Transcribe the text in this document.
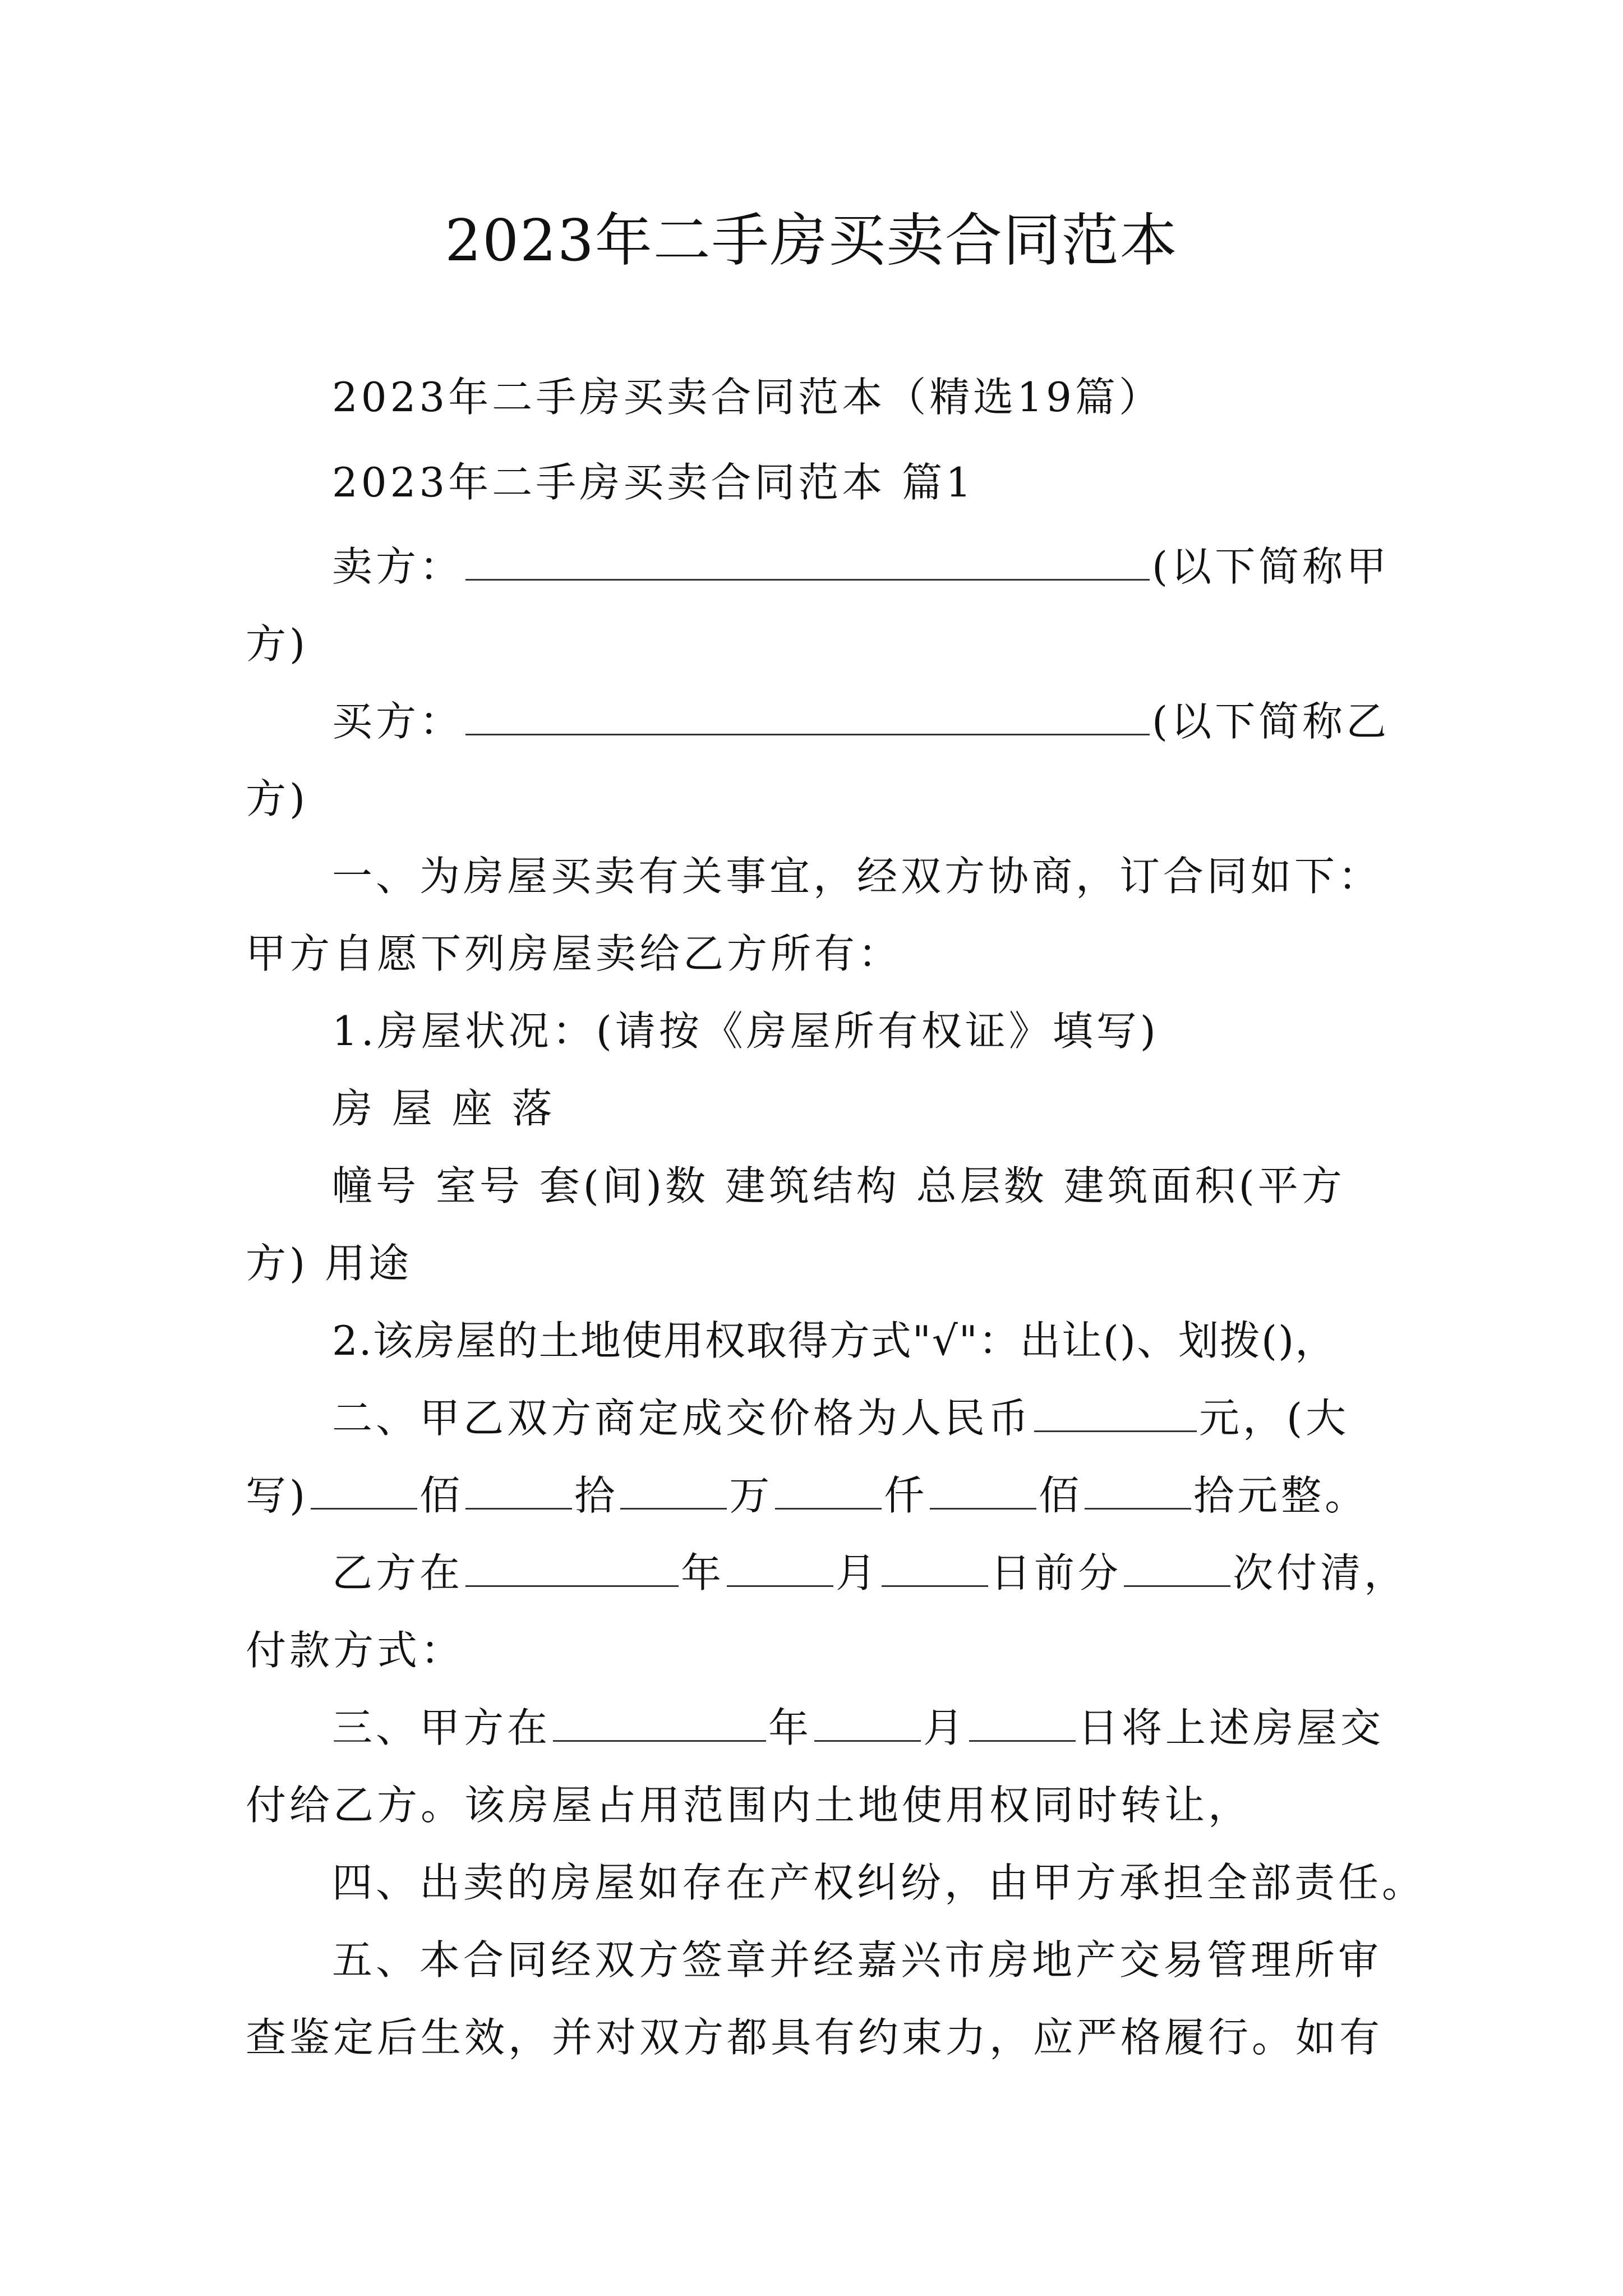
2023年二手房买卖合同范本
2023年二手房买卖合同范本（精选19篇）
2023年二手房买卖合同范本 篇1
卖方：	(以下简称甲
方)
买方：	(以下简称乙
方)
一、为房屋买卖有关事宜，经双方协商，订合同如下：
甲方自愿下列房屋卖给乙方所有：
1.房屋状况：(请按《房屋所有权证》填写)
房 屋 座 落
幢号 室号 套(间)数 建筑结构 总层数 建筑面积(平方
方) 用途
2.该房屋的土地使用权取得方式"√"：出让()、划拨()，
二、甲乙双方商定成交价格为人民币	元，(大
写)	佰	拾	万	仟	佰	拾元整。
乙方在	年	月	日前分	次付清，
付款方式：
三、甲方在	年	月	日将上述房屋交
付给乙方。该房屋占用范围内土地使用权同时转让，
四、出卖的房屋如存在产权纠纷，由甲方承担全部责任。
五、本合同经双方签章并经嘉兴市房地产交易管理所审
查鉴定后生效，并对双方都具有约束力，应严格履行。如有
